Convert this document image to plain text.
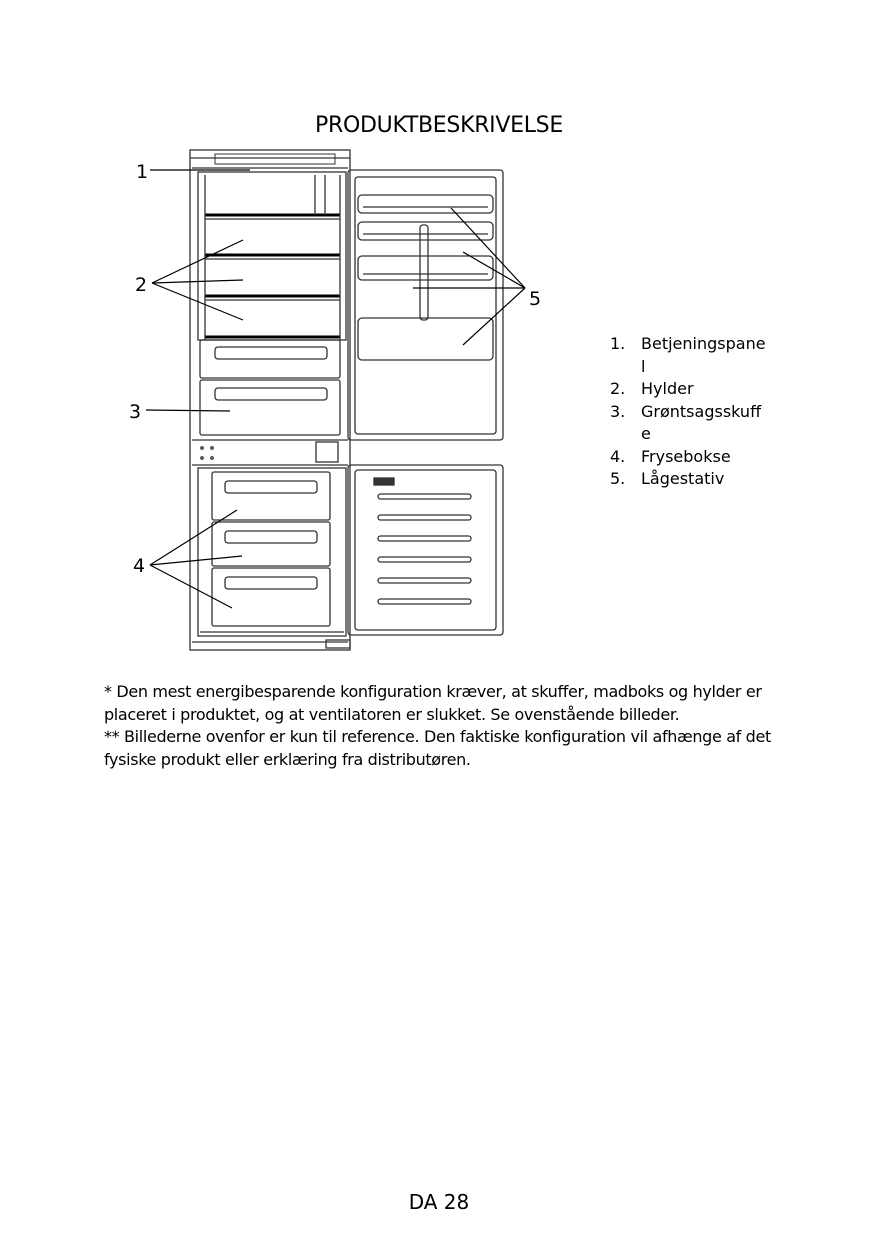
PRODUKTBESKRIVELSE
1
2
3
4
5
1. Betjeningspanel
2. Hylder
3. Grøntsagsskuffe
4. Frysebokse
5. Lågestativ

* Den mest energibesparende konfiguration kræver, at skuffer, madboks og hylder er placeret i produktet, og at ventilatoren er slukket. Se ovenstående billeder.

** Billederne ovenfor er kun til reference. Den faktiske konfiguration vil afhænge af det fysiske produkt eller erklæring fra distributøren.

DA 28
